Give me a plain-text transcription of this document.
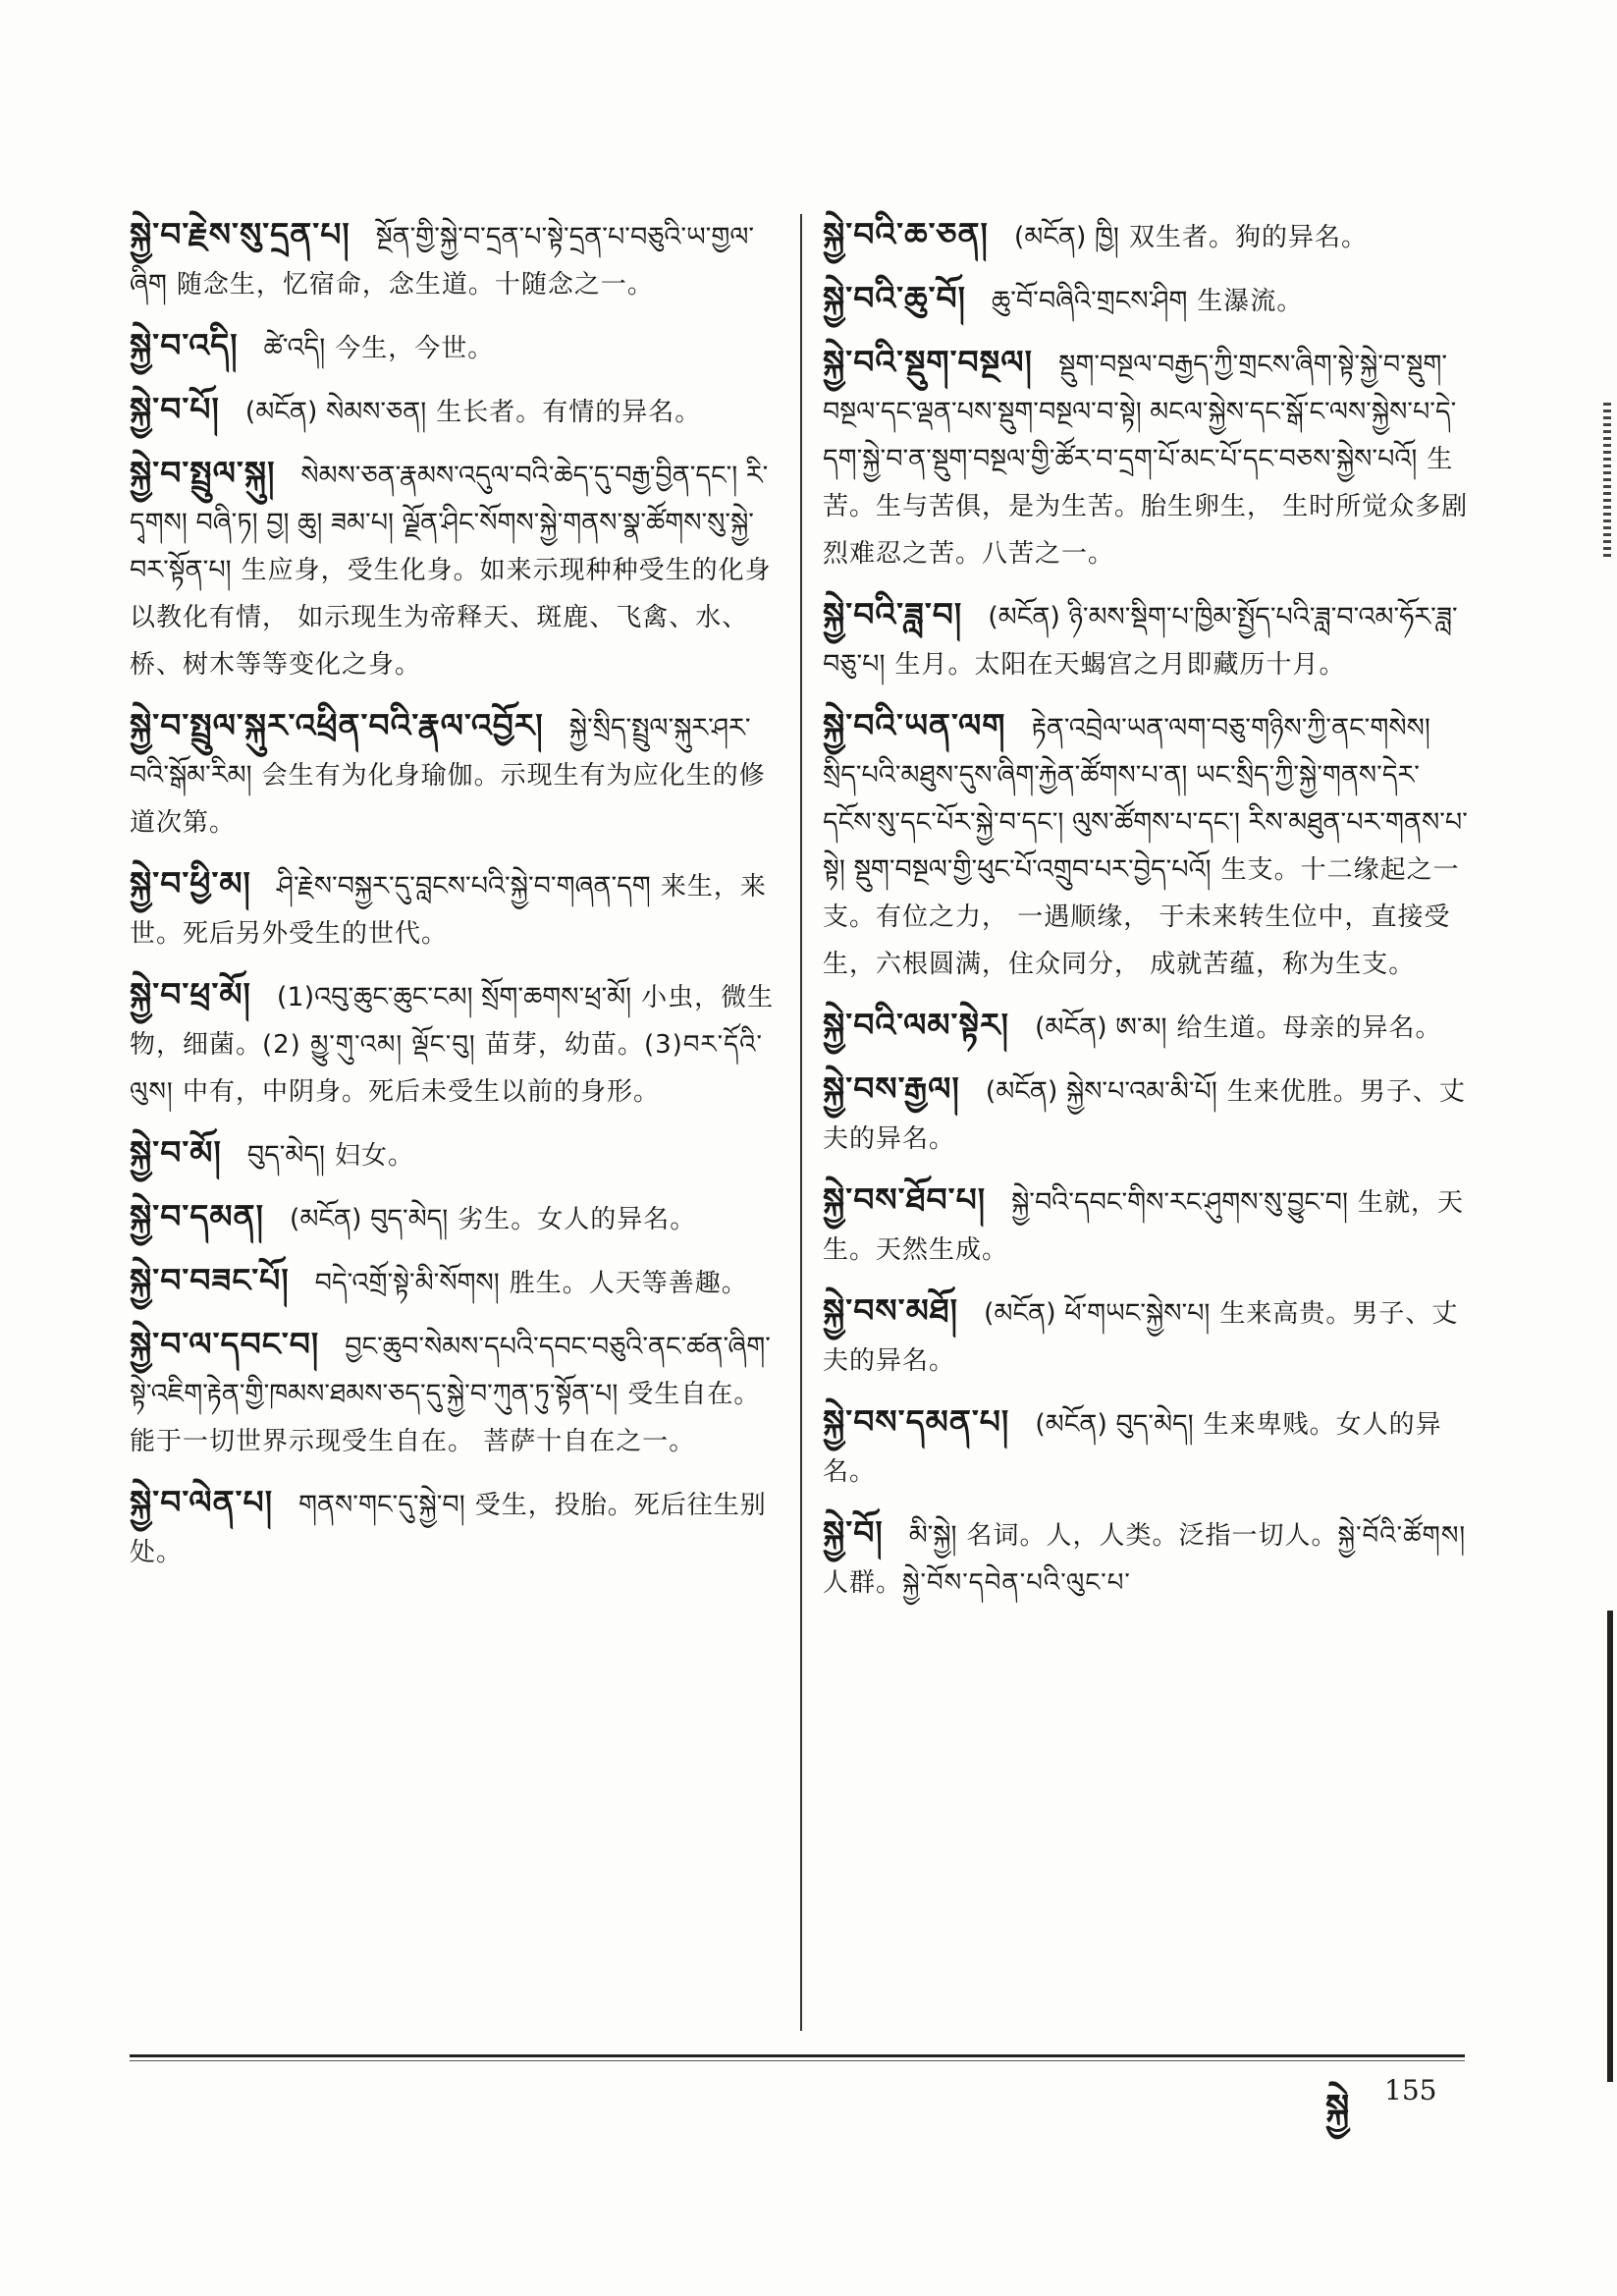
སྐྱེ་བ་རྗེས་སུ་དྲན་པ། སྔོན་གྱི་སྐྱེ་བ་དྲན་པ་སྟེ་དྲན་པ་བཅུའི་ཡ་གྱལ་ཞིག 随念生，忆宿命，念生道。十随念之一。
སྐྱེ་བ་འདི། ཚེ་འདི། 今生，今世。
སྐྱེ་བ་པོ། (མངོན) སེམས་ཅན། 生长者。有情的异名。
སྐྱེ་བ་སྤྲུལ་སྐུ། སེམས་ཅན་རྣམས་འདུལ་བའི་ཆེད་དུ་བརྒྱ་བྱིན་དང་། རི་དྭགས། བཞི་ཏ། བྱ། ཆུ། ཟམ་པ། ལྗོན་ཤིང་སོགས་སྐྱེ་གནས་སྣ་ཚོགས་སུ་སྐྱེ་བར་སྟོན་པ། 生应身，受生化身。如来示现种种受生的化身以教化有情， 如示现生为帝释天、斑鹿、飞禽、水、桥、树木等等变化之身。
སྐྱེ་བ་སྤྲུལ་སྐུར་འཕྲིན་བའི་རྣལ་འབྱོར། སྐྱེ་སྲིད་སྤྲུལ་སྐུར་ཤར་བའི་སྒོམ་རིམ། 会生有为化身瑜伽。示现生有为应化生的修道次第。
སྐྱེ་བ་ཕྱི་མ། ཤི་རྗེས་བསྐྱར་དུ་བླངས་པའི་སྐྱེ་བ་གཞན་དག 来生，来世。死后另外受生的世代。
སྐྱེ་བ་ཕྲ་མོ། (1)འབུ་ཆུང་ཆུང་ངམ། སྲོག་ཆགས་ཕྲ་མོ། 小虫，微生物，细菌。(2) མྱུ་གུ་འམ། ལྡོང་བུ། 苗芽，幼苗。(3)བར་དོའི་ལུས། 中有，中阴身。死后未受生以前的身形。
སྐྱེ་བ་མོ། བུད་མེད། 妇女。
སྐྱེ་བ་དམན། (མངོན) བུད་མེད། 劣生。女人的异名。
སྐྱེ་བ་བཟང་པོ། བདེ་འགྲོ་སྟེ་མི་སོགས། 胜生。人天等善趣。
སྐྱེ་བ་ལ་དབང་བ། བྱང་ཆུབ་སེམས་དཔའི་དབང་བཅུའི་ནང་ཚན་ཞིག་སྟེ་འཇིག་རྟེན་གྱི་ཁམས་ཐམས་ཅད་དུ་སྐྱེ་བ་ཀུན་ཏུ་སྟོན་པ། 受生自在。能于一切世界示现受生自在。 菩萨十自在之一。
སྐྱེ་བ་ལེན་པ། གནས་གང་དུ་སྐྱེ་བ། 受生，投胎。死后往生别处。
སྐྱེ་བའི་ཆ་ཅན། (མངོན) ཁྱི། 双生者。狗的异名。
སྐྱེ་བའི་ཆུ་བོ། ཆུ་བོ་བཞིའི་གྲངས་ཤིག 生瀑流。
སྐྱེ་བའི་སྡུག་བསྔལ། སྡུག་བསྔལ་བརྒྱད་ཀྱི་གྲངས་ཞིག་སྟེ་སྐྱེ་བ་སྡུག་བསྔལ་དང་ལྡན་པས་སྡུག་བསྔལ་བ་སྟེ། མངལ་སྐྱེས་དང་སྒོ་ང་ལས་སྐྱེས་པ་དེ་དག་སྐྱེ་བ་ན་སྡུག་བསྔལ་གྱི་ཚོར་བ་དྲག་པོ་མང་པོ་དང་བཅས་སྐྱེས་པའོ། 生苦。生与苦俱，是为生苦。胎生卵生， 生时所觉众多剧烈难忍之苦。八苦之一。
སྐྱེ་བའི་ཟླ་བ། (མངོན) ཉི་མས་སྡིག་པ་ཁྱིམ་སྤྱོད་པའི་ཟླ་བ་འམ་ཧོར་ཟླ་བཅུ་པ། 生月。太阳在天蝎宫之月即藏历十月。
སྐྱེ་བའི་ཡན་ལག རྟེན་འབྲེལ་ཡན་ལག་བཅུ་གཉིས་ཀྱི་ནང་གསེས། སྲིད་པའི་མཐུས་དུས་ཞིག་རྐྱེན་ཚོགས་པ་ན། ཡང་སྲིད་ཀྱི་སྐྱེ་གནས་དེར་དངོས་སུ་དང་པོར་སྐྱེ་བ་དང་། ལུས་ཚོགས་པ་དང་། རིས་མཐུན་པར་གནས་པ་སྟེ། སྡུག་བསྔལ་གྱི་ཕུང་པོ་འགྲུབ་པར་བྱེད་པའོ། 生支。十二缘起之一支。有位之力， 一遇顺缘， 于未来转生位中，直接受生，六根圆满，住众同分， 成就苦蕴，称为生支。
སྐྱེ་བའི་ལམ་སྟེར། (མངོན) ཨ་མ། 给生道。母亲的异名。
སྐྱེ་བས་རྒྱལ། (མངོན) སྐྱེས་པ་འམ་མི་པོ། 生来优胜。男子、丈夫的异名。
སྐྱེ་བས་ཐོབ་པ། སྐྱེ་བའི་དབང་གིས་རང་ཤུགས་སུ་བྱུང་བ། 生就，天生。天然生成。
སྐྱེ་བས་མཐོ། (མངོན) ཕོ་གཡང་སྐྱེས་པ། 生来高贵。男子、丈夫的异名。
སྐྱེ་བས་དམན་པ། (མངོན) བུད་མེད། 生来卑贱。女人的异名。
སྐྱེ་བོ། མི་སྐྱེ། 名词。人，人类。泛指一切人。སྐྱེ་བོའི་ཚོགས། 人群。སྐྱེ་བོས་དབེན་པའི་ལུང་པ་
སྐྱེ 155
